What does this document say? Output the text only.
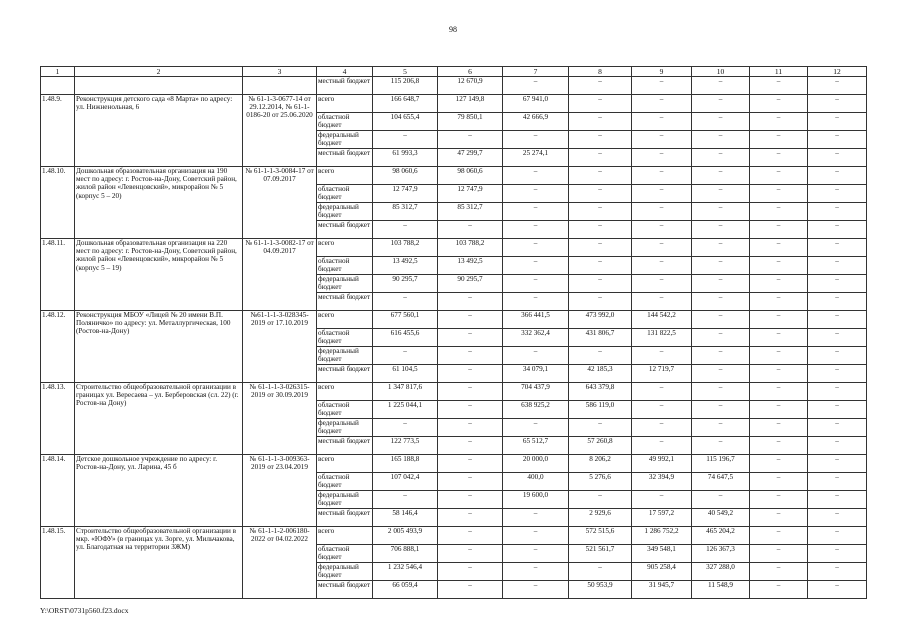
98
1	2	3	4	5	6	7	8	9	10	11	12
			местный бюджет	115 206,8	12 670,9	–	–	–	–	–	–
1.48.9.	Реконструкция детского сада «8 Марта» по адресу: ул. Нижненольная, 6	№ 61-1-3-0677-14 от 29.12.2014, № 61-1-0186-20 от 25.06.2020	всего	166 648,7	127 149,8	67 941,0	–	–	–	–	–
			областной бюджет	104 655,4	79 850,1	42 666,9	–	–	–	–	–
			федеральный бюджет	–	–	–	–	–	–	–	–
			местный бюджет	61 993,3	47 299,7	25 274,1	–	–	–	–	–
1.48.10.	Дошкольная образовательная организация на 190 мест по адресу: г. Ростов-на-Дону, Советский район, жилой район «Левенцовский», микрорайон № 5 (корпус 5 – 20)	№ 61-1-1-3-0084-17 от 07.09.2017	всего	98 060,6	98 060,6	–	–	–	–	–	–
			областной бюджет	12 747,9	12 747,9	–	–	–	–	–	–
			федеральный бюджет	85 312,7	85 312,7	–	–	–	–	–	–
			местный бюджет	–	–	–	–	–	–	–	–
1.48.11.	Дошкольная образовательная организация на 220 мест по адресу: г. Ростов-на-Дону, Советский район, жилой район «Левенцовский», микрорайон № 5 (корпус 5 – 19)	№ 61-1-1-3-0082-17 от 04.09.2017	всего	103 788,2	103 788,2	–	–	–	–	–	–
			областной бюджет	13 492,5	13 492,5	–	–	–	–	–	–
			федеральный бюджет	90 295,7	90 295,7	–	–	–	–	–	–
			местный бюджет	–	–	–	–	–	–	–	–
1.48.12.	Реконструкция МБОУ «Лицей № 20 имени В.П. Поляничко» по адресу: ул. Металлургическая, 100 (Ростов-на-Дону)	№61-1-1-3-028345-2019 от 17.10.2019	всего	677 560,1	–	366 441,5	473 992,0	144 542,2	–	–	–
			областной бюджет	616 455,6	–	332 362,4	431 806,7	131 822,5	–	–	–
			федеральный бюджет	–	–	–	–	–	–	–	–
			местный бюджет	61 104,5	–	34 079,1	42 185,3	12 719,7	–	–	–
1.48.13.	Строительство общеобразовательной организации в границах ул. Вересаева – ул. Берберовская (сл. 22) (г. Ростов-на Дону)	№ 61-1-1-3-026315-2019 от 30.09.2019	всего	1 347 817,6	–	704 437,9	643 379,8	–	–	–	–
			областной бюджет	1 225 044,1	–	638 925,2	586 119,0	–	–	–	–
			федеральный бюджет	–	–	–	–	–	–	–	–
			местный бюджет	122 773,5	–	65 512,7	57 260,8	–	–	–	–
1.48.14.	Детское дошкольное учреждение по адресу: г. Ростов-на-Дону, ул. Ларина, 45 б	№ 61-1-1-3-009363-2019 от 23.04.2019	всего	165 188,8	–	20 000,0	8 206,2	49 992,1	115 196,7	–	–
			областной бюджет	107 042,4	–	400,0	5 276,6	32 394,9	74 647,5	–	–
			федеральный бюджет	–	–	19 600,0	–	–	–	–	–
			местный бюджет	58 146,4	–	–	2 929,6	17 597,2	40 549,2	–	–
1.48.15.	Строительство общеобразовательной организации в мкр. «ЮФУ» (в границах ул. Зорге, ул. Мильчакова, ул. Благодатная на территории ЗЖМ)	№ 61-1-1-2-006180-2022 от 04.02.2022	всего	2 005 493,9	–	–	572 515,6	1 286 752,2	465 204,2	–	–
			областной бюджет	706 888,1	–	–	521 561,7	349 548,1	126 367,3	–	–
			федеральный бюджет	1 232 546,4	–	–	–	905 258,4	327 288,0	–	–
			местный бюджет	66 059,4	–	–	50 953,9	31 945,7	11 548,9	–	–
Y:\ORST\0731p560.f23.docx
